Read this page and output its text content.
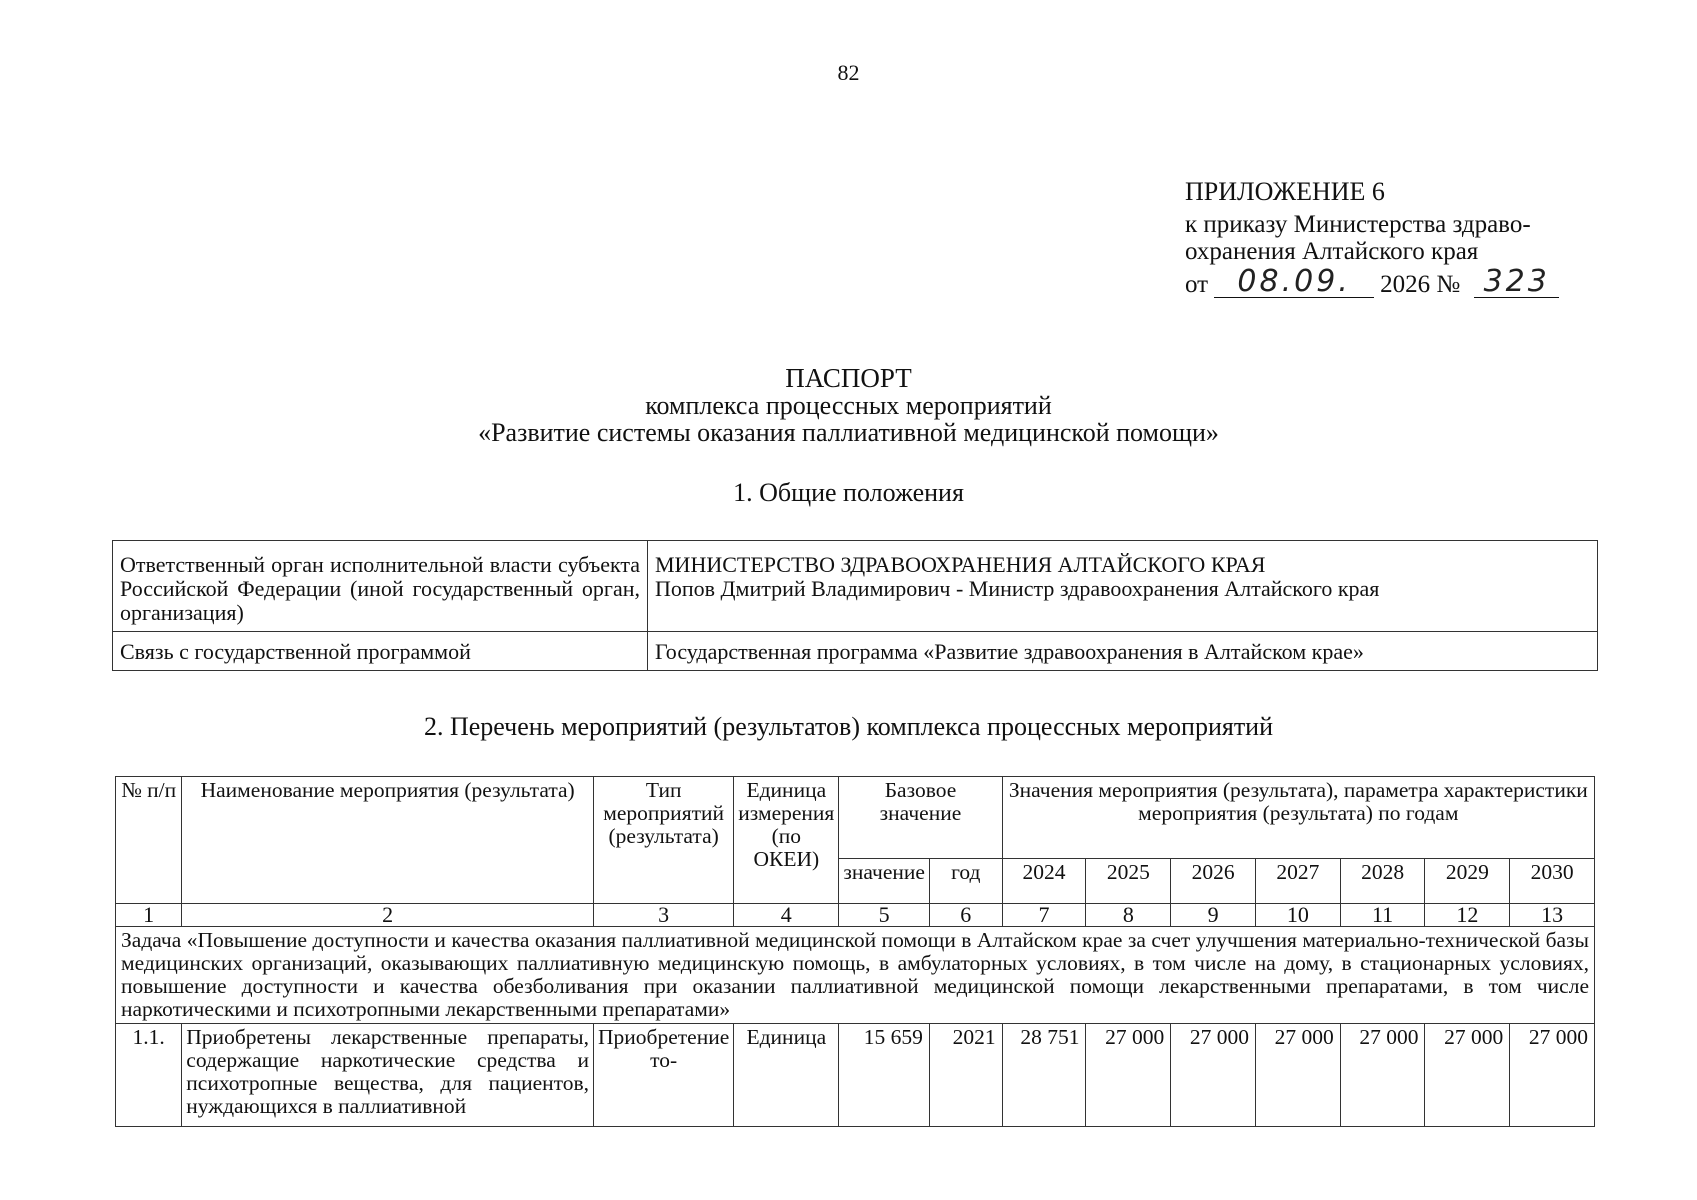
82
ПРИЛОЖЕНИЕ 6
к приказу Министерства здраво-
охранения Алтайского края
от 08.09.	2026 № 323
ПАСПОРТ
комплекса процессных мероприятий
«Развитие системы оказания паллиативной медицинской помощи»
1. Общие положения
Ответственный орган исполнительной власти субъекта Российской Федерации (иной государственный орган, организация)	МИНИСТЕРСТВО ЗДРАВООХРАНЕНИЯ АЛТАЙСКОГО КРАЯ
Попов Дмитрий Владимирович - Министр здравоохранения Алтайского края

Связь с государственной программой	Государственная программа «Развитие здравоохранения в Алтайском крае»
2. Перечень мероприятий (результатов) комплекса процессных мероприятий
№ п/п	Наименование мероприятия (результата)	Тип мероприятий (результата)	Единица измерения (по ОКЕИ)	Базовое значение		Значения мероприятия (результата), параметра характеристики мероприятия (результата) по годам						
				значение	год	2024	2025	2026	2027	2028	2029	2030
1	2	3	4	5	6	7	8	9	10	11	12	13
Задача «Повышение доступности и качества оказания паллиативной медицинской помощи в Алтайском крае за счет улучшения материально-технической базы медицинских организаций, оказывающих паллиативную медицинскую помощь, в амбулаторных условиях, в том числе на дому, в стационарных условиях, повышение доступности и качества обезболивания при оказании паллиативной медицинской помощи лекарственными препаратами, в том числе наркотическими и психотропными лекарственными препаратами»												
1.1.	Приобретены лекарственные препараты, содержащие наркотические средства и психотропные вещества, для пациентов, нуждающихся в паллиативной	Приобретение то-	Единица	15 659	2021	28 751	27 000	27 000	27 000	27 000	27 000	27 000
